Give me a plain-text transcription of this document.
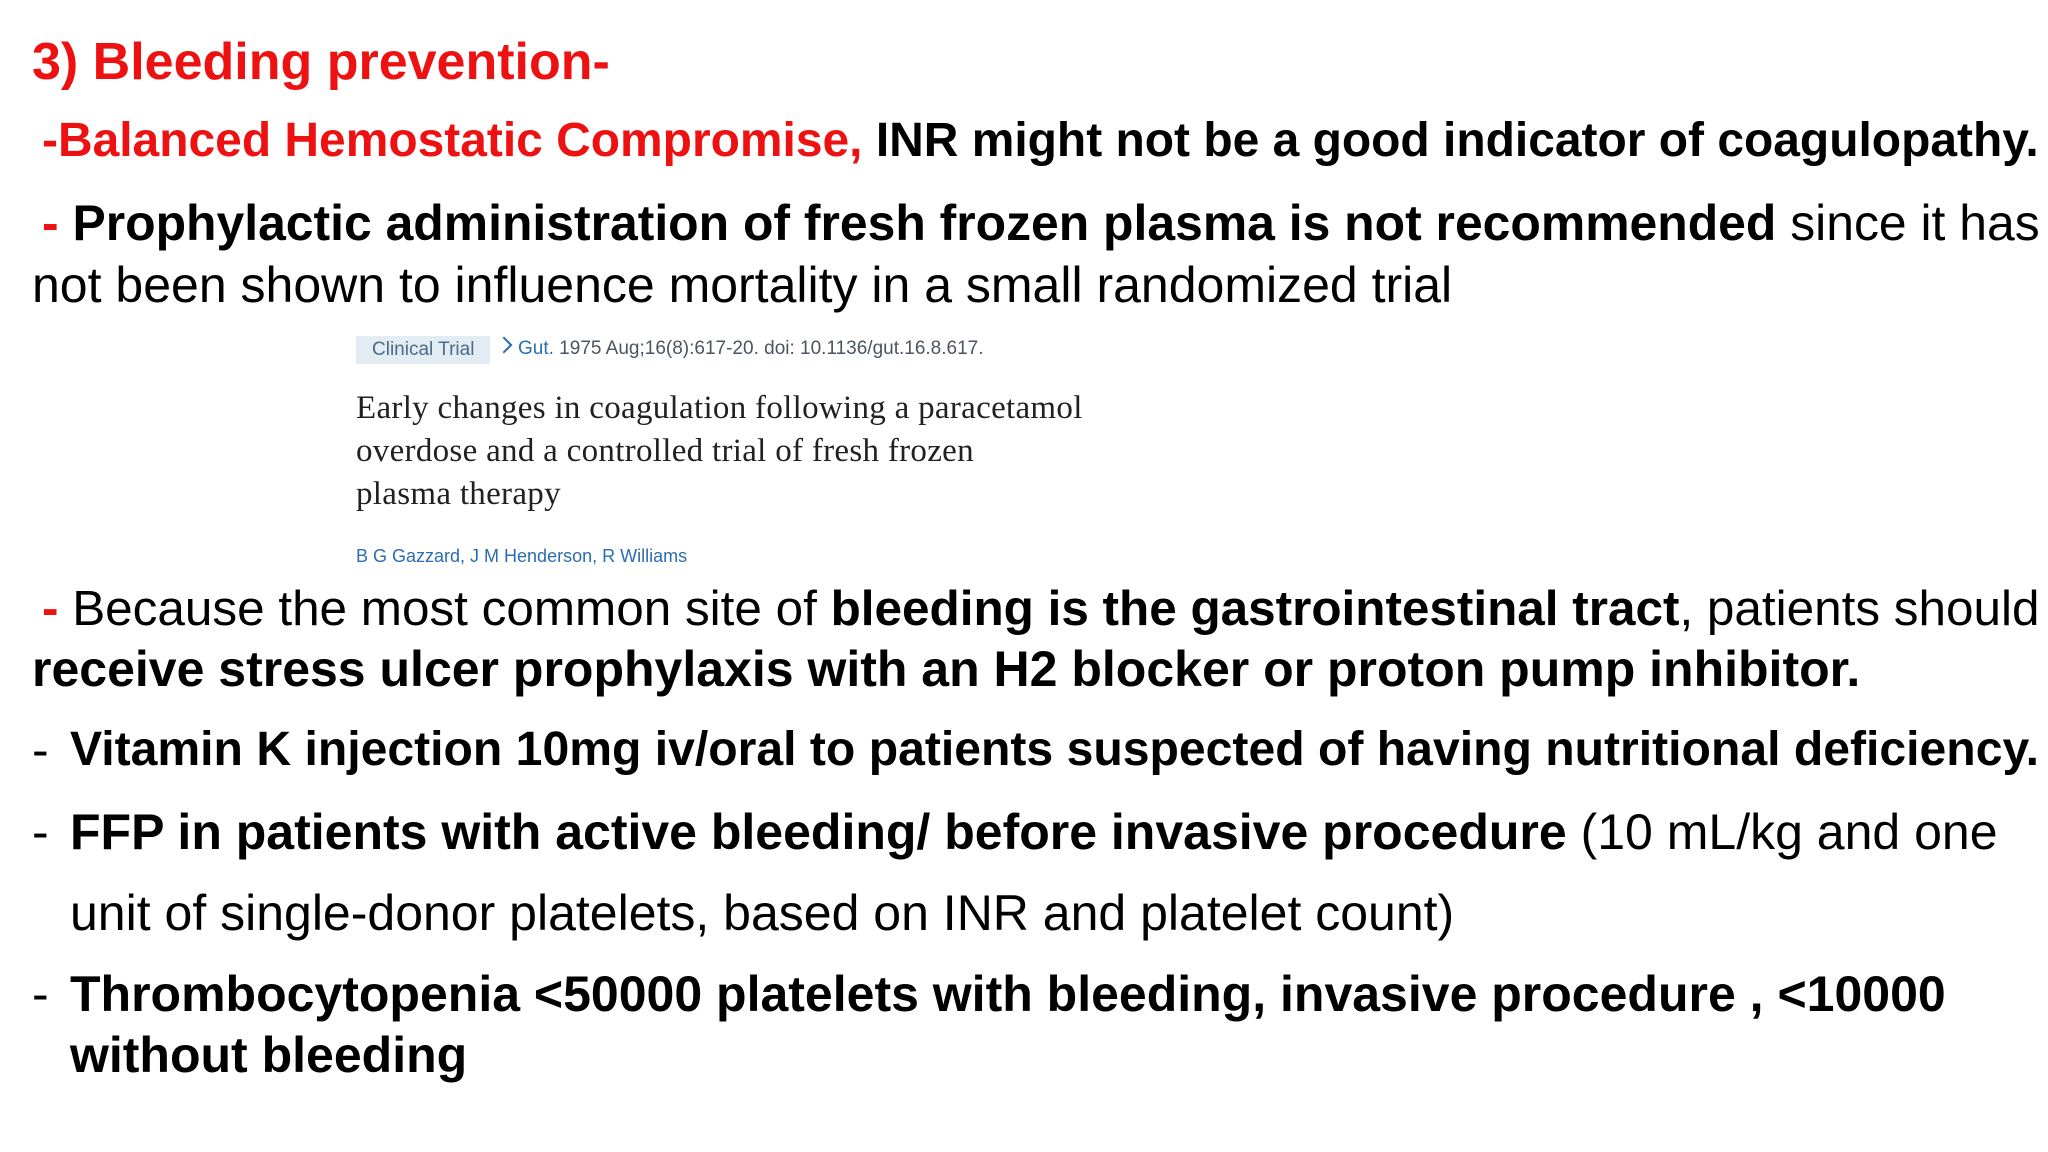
3) Bleeding prevention-
-Balanced Hemostatic Compromise, INR might not be a good indicator of coagulopathy.
- Prophylactic administration of fresh frozen plasma is not recommended since it has
not been shown to influence mortality in a small randomized trial
Clinical Trial	Gut. 1975 Aug;16(8):617-20. doi: 10.1136/gut.16.8.617.
Early changes in coagulation following a paracetamol
overdose and a controlled trial of fresh frozen
plasma therapy
B G Gazzard, J M Henderson, R Williams
- Because the most common site of bleeding is the gastrointestinal tract, patients should
receive stress ulcer prophylaxis with an H2 blocker or proton pump inhibitor.
- Vitamin K injection 10mg iv/oral to patients suspected of having nutritional deficiency.
- FFP in patients with active bleeding/ before invasive procedure (10 mL/kg and one
unit of single-donor platelets, based on INR and platelet count)
- Thrombocytopenia <50000 platelets with bleeding, invasive procedure , <10000
without bleeding
